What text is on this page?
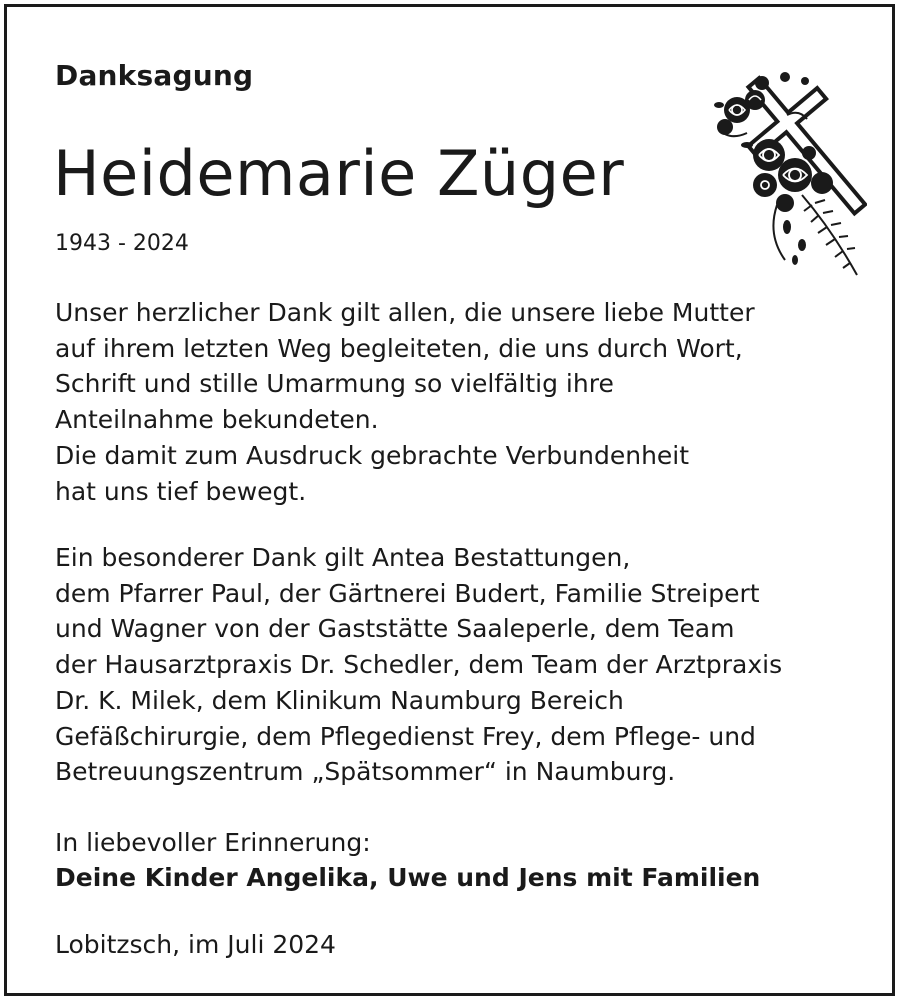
Danksagung
Heidemarie Züger
1943 - 2024
Unser herzlicher Dank gilt allen, die unsere liebe Mutter
auf ihrem letzten Weg begleiteten, die uns durch Wort,
Schrift und stille Umarmung so vielfältig ihre
Anteilnahme bekundeten.
Die damit zum Ausdruck gebrachte Verbundenheit
hat uns tief bewegt.
Ein besonderer Dank gilt Antea Bestattungen,
dem Pfarrer Paul, der Gärtnerei Budert, Familie Streipert
und Wagner von der Gaststätte Saaleperle, dem Team
der Hausarztpraxis Dr. Schedler, dem Team der Arztpraxis
Dr. K. Milek, dem Klinikum Naumburg Bereich
Gefäßchirurgie, dem Pflegedienst Frey, dem Pflege- und
Betreuungszentrum „Spätsommer“ in Naumburg.
In liebevoller Erinnerung:
Deine Kinder Angelika, Uwe und Jens mit Familien
Lobitzsch, im Juli 2024
